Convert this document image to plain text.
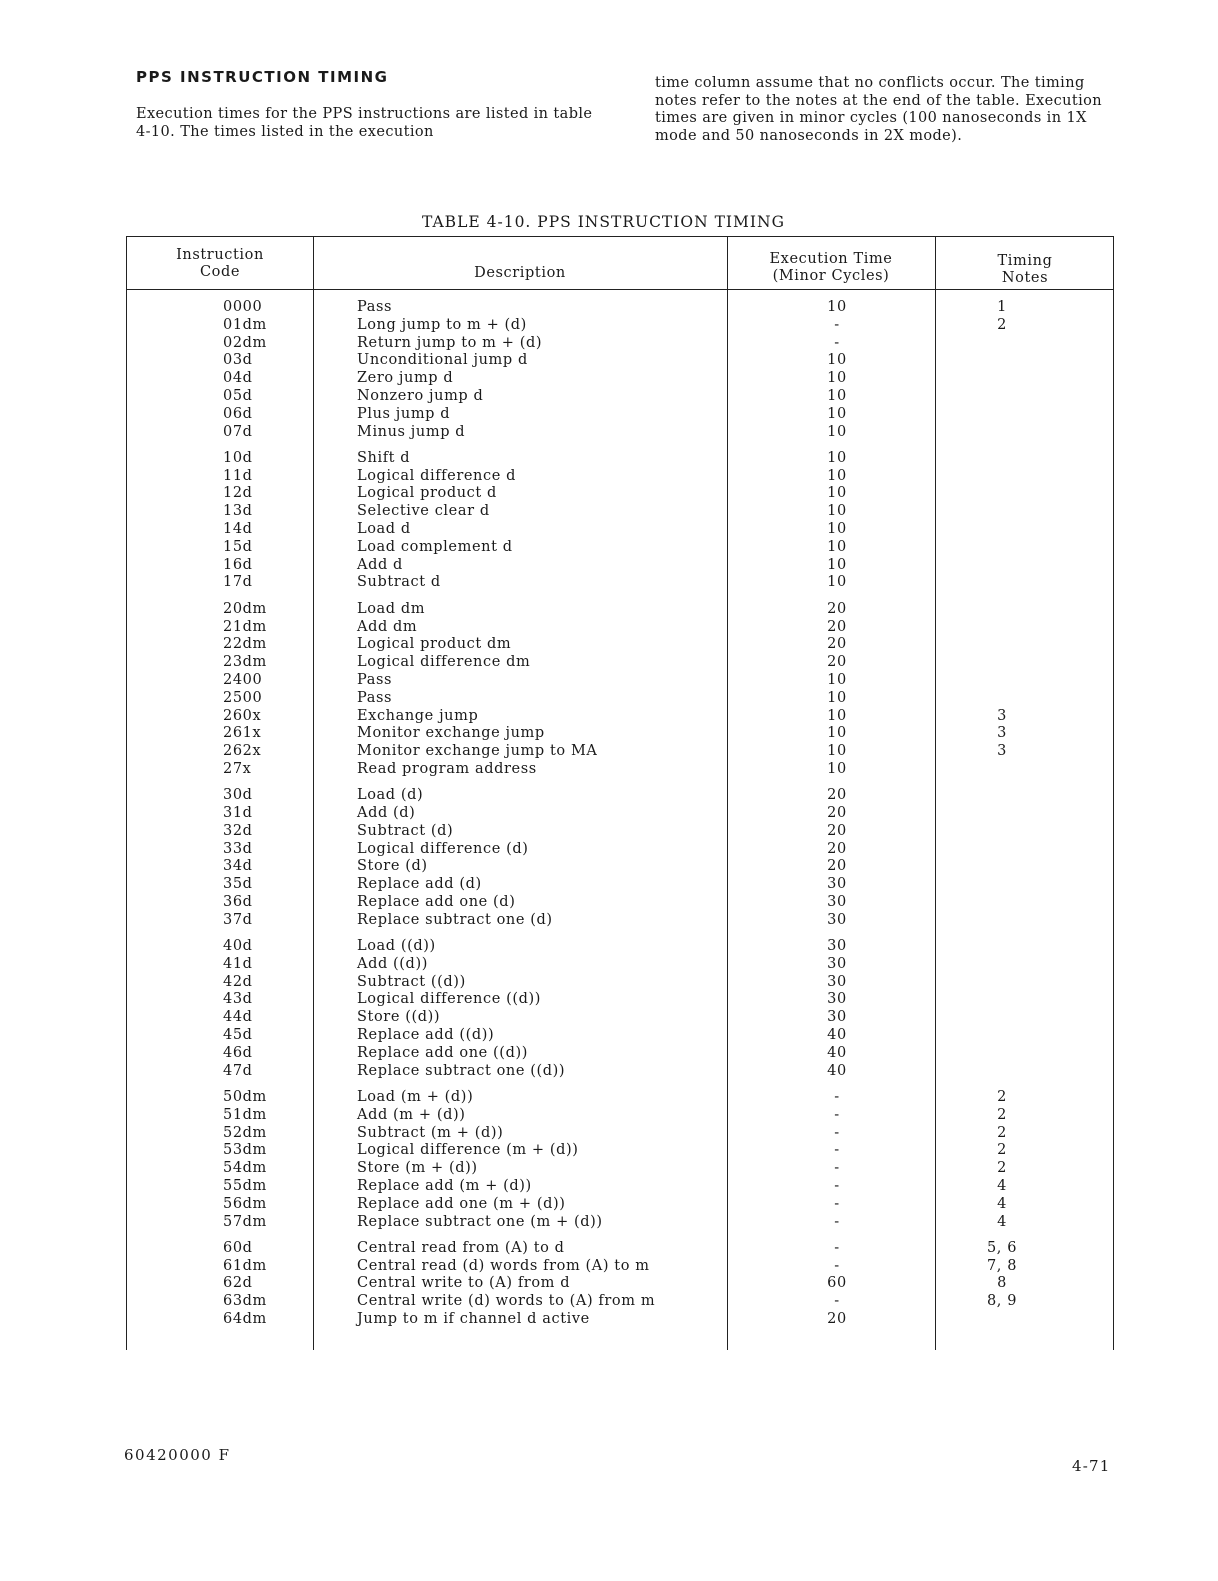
PPS INSTRUCTION TIMING
Execution times for the PPS instructions are listed in table 4-10. The times listed in the execution
time column assume that no conflicts occur. The timing notes refer to the notes at the end of the table. Execution times are given in minor cycles (100 nanoseconds in 1X mode and 50 nanoseconds in 2X mode).
TABLE 4-10. PPS INSTRUCTION TIMING
Instruction
Code	Description
Execution Time
(Minor Cycles)
Timing
Notes
0000	Pass	10	1
01dm	Long jump to m + (d)	-	2
02dm	Return jump to m + (d)	-
03d	Unconditional jump d	10
04d	Zero jump d	10
05d	Nonzero jump d	10
06d	Plus jump d	10
07d	Minus jump d	10
10d	Shift d	10
11d	Logical difference d	10
12d	Logical product d	10
13d	Selective clear d	10
14d	Load d	10
15d	Load complement d	10
16d	Add d	10
17d	Subtract d	10
20dm	Load dm	20
21dm	Add dm	20
22dm	Logical product dm	20
23dm	Logical difference dm	20
2400	Pass	10
2500	Pass	10
260x	Exchange jump	10	3
261x	Monitor exchange jump	10	3
262x	Monitor exchange jump to MA	10	3
27x	Read program address	10
30d	Load (d)	20
31d	Add (d)	20
32d	Subtract (d)	20
33d	Logical difference (d)	20
34d	Store (d)	20
35d	Replace add (d)	30
36d	Replace add one (d)	30
37d	Replace subtract one (d)	30
40d	Load ((d))	30
41d	Add ((d))	30
42d	Subtract ((d))	30
43d	Logical difference ((d))	30
44d	Store ((d))	30
45d	Replace add ((d))	40
46d	Replace add one ((d))	40
47d	Replace subtract one ((d))	40
50dm	Load (m + (d))	-	2
51dm	Add (m + (d))	-	2
52dm	Subtract (m + (d))	-	2
53dm	Logical difference (m + (d))	-	2
54dm	Store (m + (d))	-	2
55dm	Replace add (m + (d))	-	4
56dm	Replace add one (m + (d))	-	4
57dm	Replace subtract one (m + (d))	-	4
60d	Central read from (A) to d	-	5, 6
61dm	Central read (d) words from (A) to m	-	7, 8
62d	Central write to (A) from d	60	8
63dm	Central write (d) words to (A) from m	-	8, 9
64dm	Jump to m if channel d active	20
60420000 F
4-71
